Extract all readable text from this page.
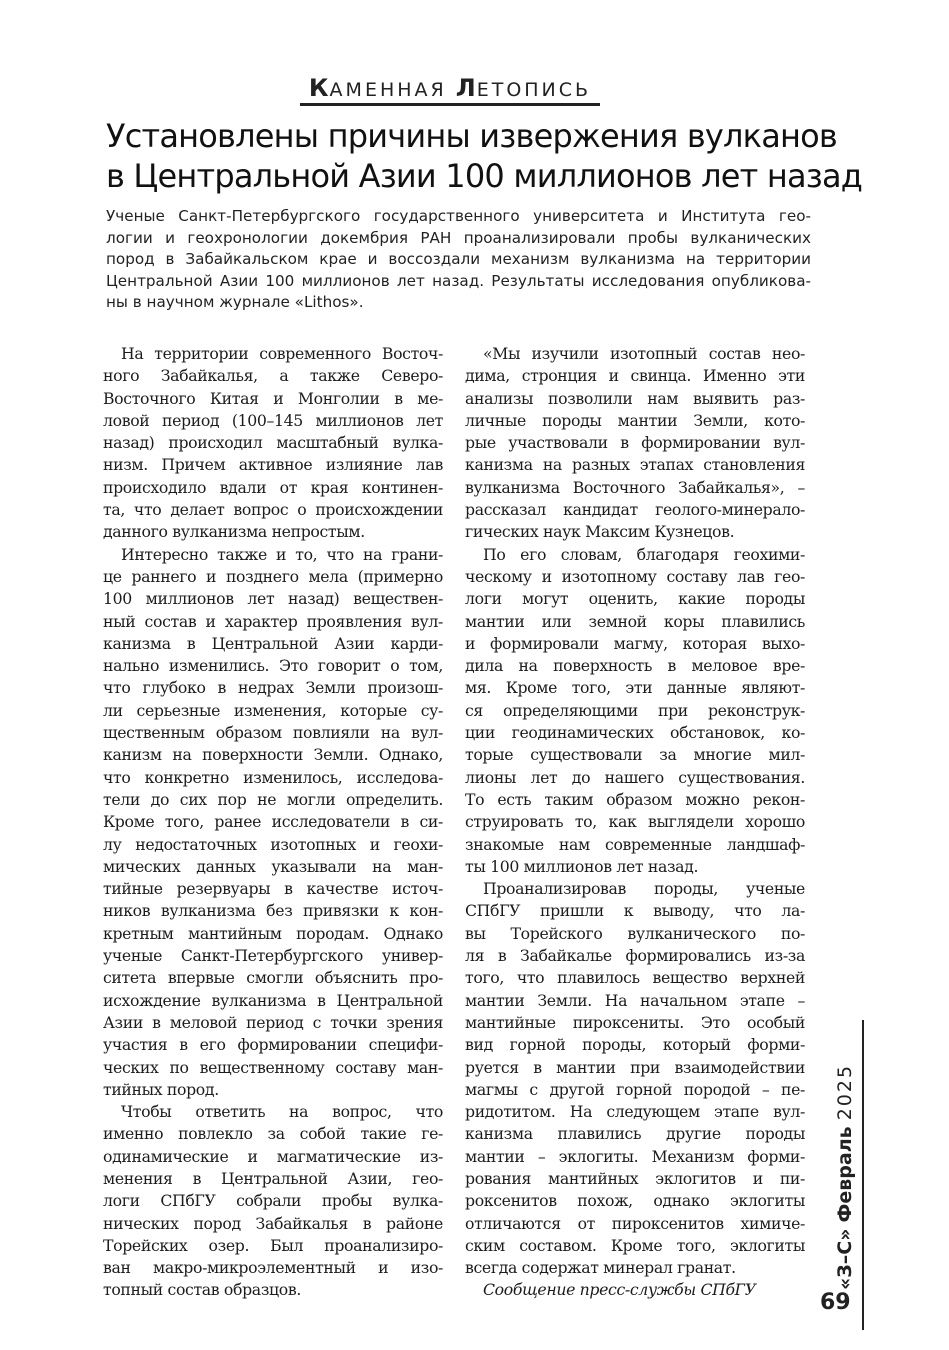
КАМЕННАЯ ЛЕТОПИСЬ
Установлены причины извержения вулканов
в Центральной Азии 100 миллионов лет назад
Ученые Санкт-Петербургского государственного университета и Института гео-
логии и геохронологии докембрия РАН проанализировали пробы вулканических
пород в Забайкальском крае и воссоздали механизм вулканизма на территории
Центральной Азии 100 миллионов лет назад. Результаты исследования опубликова-
ны в научном журнале «Lithos».
На территории современного Восточ-
ного Забайкалья, а также Северо-
Восточного Китая и Монголии в ме-
ловой период (100–145 миллионов лет
назад) происходил масштабный вулка-
низм. Причем активное излияние лав
происходило вдали от края континен-
та, что делает вопрос о происхождении
данного вулканизма непростым.
Интересно также и то, что на грани-
це раннего и позднего мела (примерно
100 миллионов лет назад) веществен-
ный состав и характер проявления вул-
канизма в Центральной Азии карди-
нально изменились. Это говорит о том,
что глубоко в недрах Земли произош-
ли серьезные изменения, которые су-
щественным образом повлияли на вул-
канизм на поверхности Земли. Однако,
что конкретно изменилось, исследова-
тели до сих пор не могли определить.
Кроме того, ранее исследователи в си-
лу недостаточных изотопных и геохи-
мических данных указывали на ман-
тийные резервуары в качестве источ-
ников вулканизма без привязки к кон-
кретным мантийным породам. Однако
ученые Санкт-Петербургского универ-
ситета впервые смогли объяснить про-
исхождение вулканизма в Центральной
Азии в меловой период с точки зрения
участия в его формировании специфи-
ческих по вещественному составу ман-
тийных пород.
Чтобы ответить на вопрос, что
именно повлекло за собой такие ге-
одинамические и магматические из-
менения в Центральной Азии, гео-
логи СПбГУ собрали пробы вулка-
нических пород Забайкалья в районе
Торейских озер. Был проанализиро-
ван макро-микроэлементный и изо-
топный состав образцов.
«Мы изучили изотопный состав нео-
дима, стронция и свинца. Именно эти
анализы позволили нам выявить раз-
личные породы мантии Земли, кото-
рые участвовали в формировании вул-
канизма на разных этапах становления
вулканизма Восточного Забайкалья», –
рассказал кандидат геолого-минерало-
гических наук Максим Кузнецов.
По его словам, благодаря геохими-
ческому и изотопному составу лав гео-
логи могут оценить, какие породы
мантии или земной коры плавились
и формировали магму, которая выхо-
дила на поверхность в меловое вре-
мя. Кроме того, эти данные являют-
ся определяющими при реконструк-
ции геодинамических обстановок, ко-
торые существовали за многие мил-
лионы лет до нашего существования.
То есть таким образом можно рекон-
струировать то, как выглядели хорошо
знакомые нам современные ландшаф-
ты 100 миллионов лет назад.
Проанализировав породы, ученые
СПбГУ пришли к выводу, что ла-
вы Торейского вулканического по-
ля в Забайкалье формировались из-за
того, что плавилось вещество верхней
мантии Земли. На начальном этапе –
мантийные пироксениты. Это особый
вид горной породы, который форми-
руется в мантии при взаимодействии
магмы с другой горной породой – пе-
ридотитом. На следующем этапе вул-
канизма плавились другие породы
мантии – эклогиты. Механизм форми-
рования мантийных эклогитов и пи-
роксенитов похож, однако эклогиты
отличаются от пироксенитов химиче-
ским составом. Кроме того, эклогиты
всегда содержат минерал гранат.
Сообщение пресс-службы СПбГУ	«З–С» Февраль 2025
69
